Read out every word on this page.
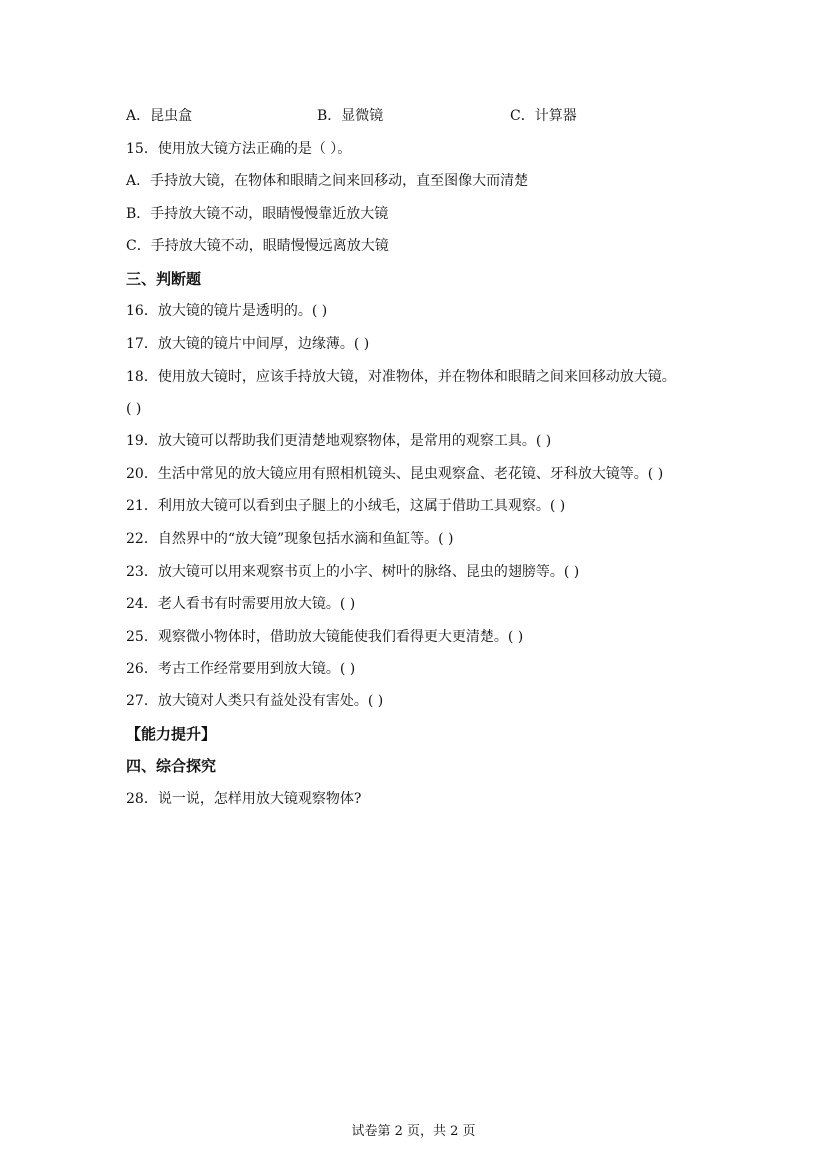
A．昆虫盒	B．显微镜	C．计算器
15．使用放大镜方法正确的是（ ）。
A．手持放大镜，在物体和眼睛之间来回移动，直至图像大而清楚
B．手持放大镜不动，眼睛慢慢靠近放大镜
C．手持放大镜不动，眼睛慢慢远离放大镜
三、判断题
16．放大镜的镜片是透明的。( )
17．放大镜的镜片中间厚，边缘薄。( )
18．使用放大镜时，应该手持放大镜，对准物体，并在物体和眼睛之间来回移动放大镜。
( )
19．放大镜可以帮助我们更清楚地观察物体，是常用的观察工具。( )
20．生活中常见的放大镜应用有照相机镜头、昆虫观察盒、老花镜、牙科放大镜等。( )
21．利用放大镜可以看到虫子腿上的小绒毛，这属于借助工具观察。( )
22．自然界中的“放大镜”现象包括水滴和鱼缸等。( )
23．放大镜可以用来观察书页上的小字、树叶的脉络、昆虫的翅膀等。( )
24．老人看书有时需要用放大镜。( )
25．观察微小物体时，借助放大镜能使我们看得更大更清楚。( )
26．考古工作经常要用到放大镜。( )
27．放大镜对人类只有益处没有害处。( )
【能力提升】
四、综合探究
28．说一说，怎样用放大镜观察物体?
试卷第 2 页，共 2 页
